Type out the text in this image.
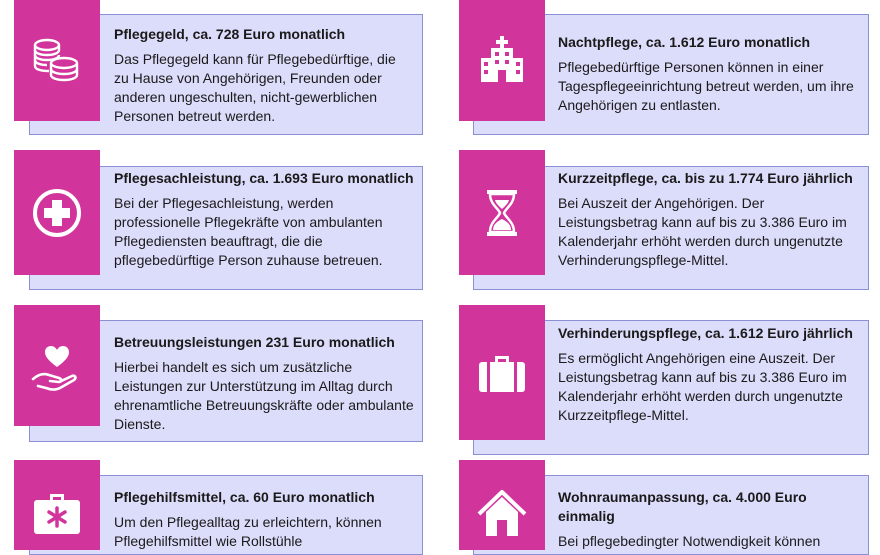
Pflegegeld, ca. 728 Euro monatlich

Das Pflegegeld kann für Pflegebedürftige, die zu Hause von Angehörigen, Freunden oder anderen ungeschulten, nicht-gewerblichen Personen betreut werden.

Nachtpflege, ca. 1.612 Euro monatlich

Pflegebedürftige Personen können in einer Tagespflegeeinrichtung betreut werden, um ihre Angehörigen zu entlasten.

Pflegesachleistung, ca. 1.693 Euro monatlich

Bei der Pflegesachleistung, werden professionelle Pflegekräfte von ambulanten Pflegediensten beauftragt, die die pflegebedürftige Person zuhause betreuen.

Kurzzeitpflege, ca. bis zu 1.774 Euro jährlich

Bei Auszeit der Angehörigen. Der Leistungsbetrag kann auf bis zu 3.386 Euro im Kalenderjahr erhöht werden durch ungenutzte Verhinderungspflege-Mittel.

Betreuungsleistungen 231 Euro monatlich

Hierbei handelt es sich um zusätzliche Leistungen zur Unterstützung im Alltag durch ehrenamtliche Betreuungskräfte oder ambulante Dienste.

Verhinderungspflege, ca. 1.612 Euro jährlich

Es ermöglicht Angehörigen eine Auszeit. Der Leistungsbetrag kann auf bis zu 3.386 Euro im Kalenderjahr erhöht werden durch ungenutzte Kurzzeitpflege-Mittel.

Pflegehilfsmittel, ca. 60 Euro monatlich

Um den Pflegealltag zu erleichtern, können Pflegehilfsmittel wie Rollstühle

Wohnraumanpassung, ca. 4.000 Euro einmalig

Bei pflegebedingter Notwendigkeit können
